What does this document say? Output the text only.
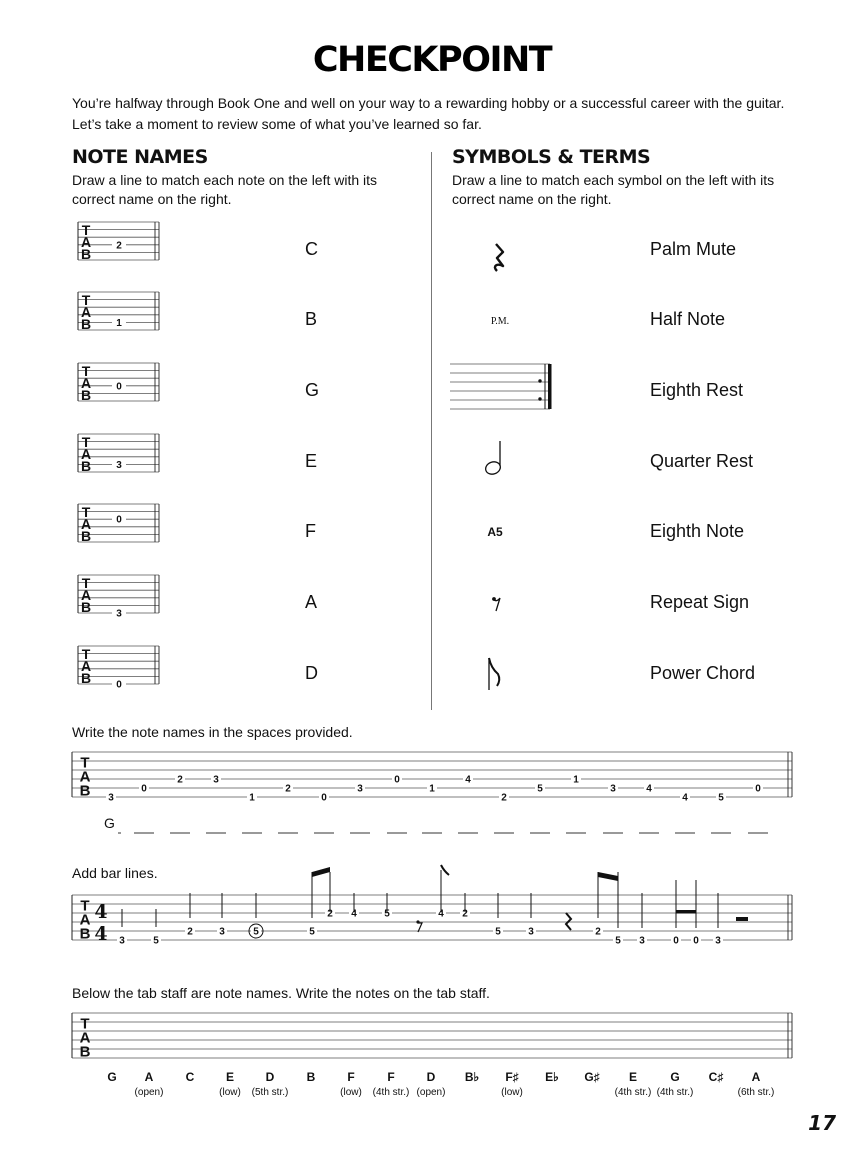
CHECKPOINT
You’re halfway through Book One and well on your way to a rewarding hobby or a successful career with the guitar. Let’s take a moment to review some of what you’ve learned so far.
NOTE NAMES
Draw a line to match each note on the left with its correct name on the right.
SYMBOLS & TERMS
Draw a line to match each symbol on the left with its correct name on the right.
C
B
G
E
F
A
D
Palm Mute
Half Note
Eighth Rest
Quarter Rest
Eighth Note
Repeat Sign
Power Chord
Write the note names in the spaces provided.
Add bar lines.
Below the tab staff are note names. Write the notes on the tab staff.
G
G	A
(open)
C	E
(low)
D
(5th str.)
B	F
(low)
F
(4th str.)
D
(open)
B♭	F♯
(low)
E♭	G♯	E
(4th str.)
G
(4th str.)
C♯	A
(6th str.)
T
A
B
2
T
A
B	1
T
A
B
0
T
A
B	3
T
A
B
0
T
A
B	3
T
A
B	0
P.M.
A5
T
A
B 3
0
2	3
1
2
0
3
0
1
4
2
5
1
3	4
4	5
0
T
A
B
4
4 3	5
2	3	5	5
2 4	5	4 2
5	3	2
5 3	0 0 3
T
A
B
17
